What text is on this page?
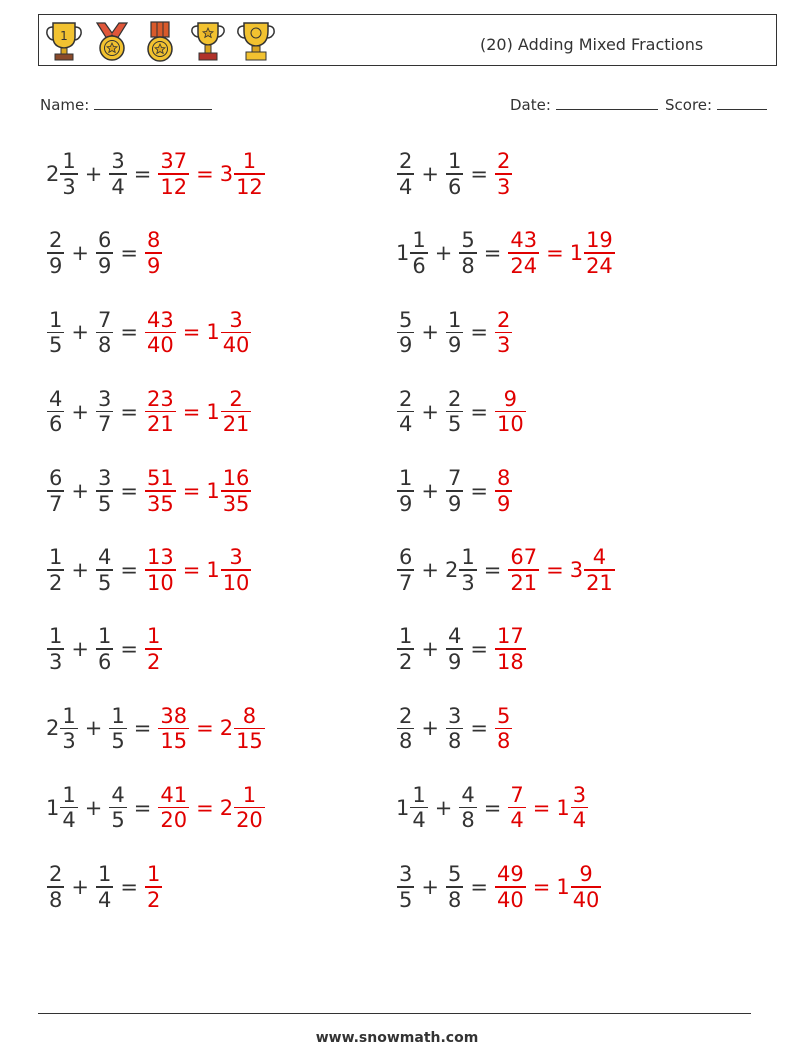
1	(20) Adding Mixed Fractions
Name:	Date:	Score:
$2 \frac{1}{3} + \frac{3}{4} = \frac{37}{12} = 3 \frac{1}{12}$	$\frac{2}{4} + \frac{1}{6} = \frac{2}{3}$
$\frac{2}{9} + \frac{6}{9} = \frac{8}{9}$	$1 \frac{1}{6} + \frac{5}{8} = \frac{43}{24} = 1 \frac{19}{24}$
$\frac{1}{5} + \frac{7}{8} = \frac{43}{40} = 1 \frac{3}{40}$	$\frac{5}{9} + \frac{1}{9} = \frac{2}{3}$
$\frac{4}{6} + \frac{3}{7} = \frac{23}{21} = 1 \frac{2}{21}$	$\frac{2}{4} + \frac{2}{5} = \frac{9}{10}$
$\frac{6}{7} + \frac{3}{5} = \frac{51}{35} = 1 \frac{16}{35}$	$\frac{1}{9} + \frac{7}{9} = \frac{8}{9}$
$\frac{1}{2} + \frac{4}{5} = \frac{13}{10} = 1 \frac{3}{10}$	$\frac{6}{7} + 2 \frac{1}{3} = \frac{67}{21} = 3 \frac{4}{21}$
$\frac{1}{3} + \frac{1}{6} = \frac{1}{2}$	$\frac{1}{2} + \frac{4}{9} = \frac{17}{18}$
$2 \frac{1}{3} + \frac{1}{5} = \frac{38}{15} = 2 \frac{8}{15}$	$\frac{2}{8} + \frac{3}{8} = \frac{5}{8}$
$1 \frac{1}{4} + \frac{4}{5} = \frac{41}{20} = 2 \frac{1}{20}$	$1 \frac{1}{4} + \frac{4}{8} = \frac{7}{4} = 1 \frac{3}{4}$
$\frac{2}{8} + \frac{1}{4} = \frac{1}{2}$	$\frac{3}{5} + \frac{5}{8} = \frac{49}{40} = 1 \frac{9}{40}$
www.snowmath.com
